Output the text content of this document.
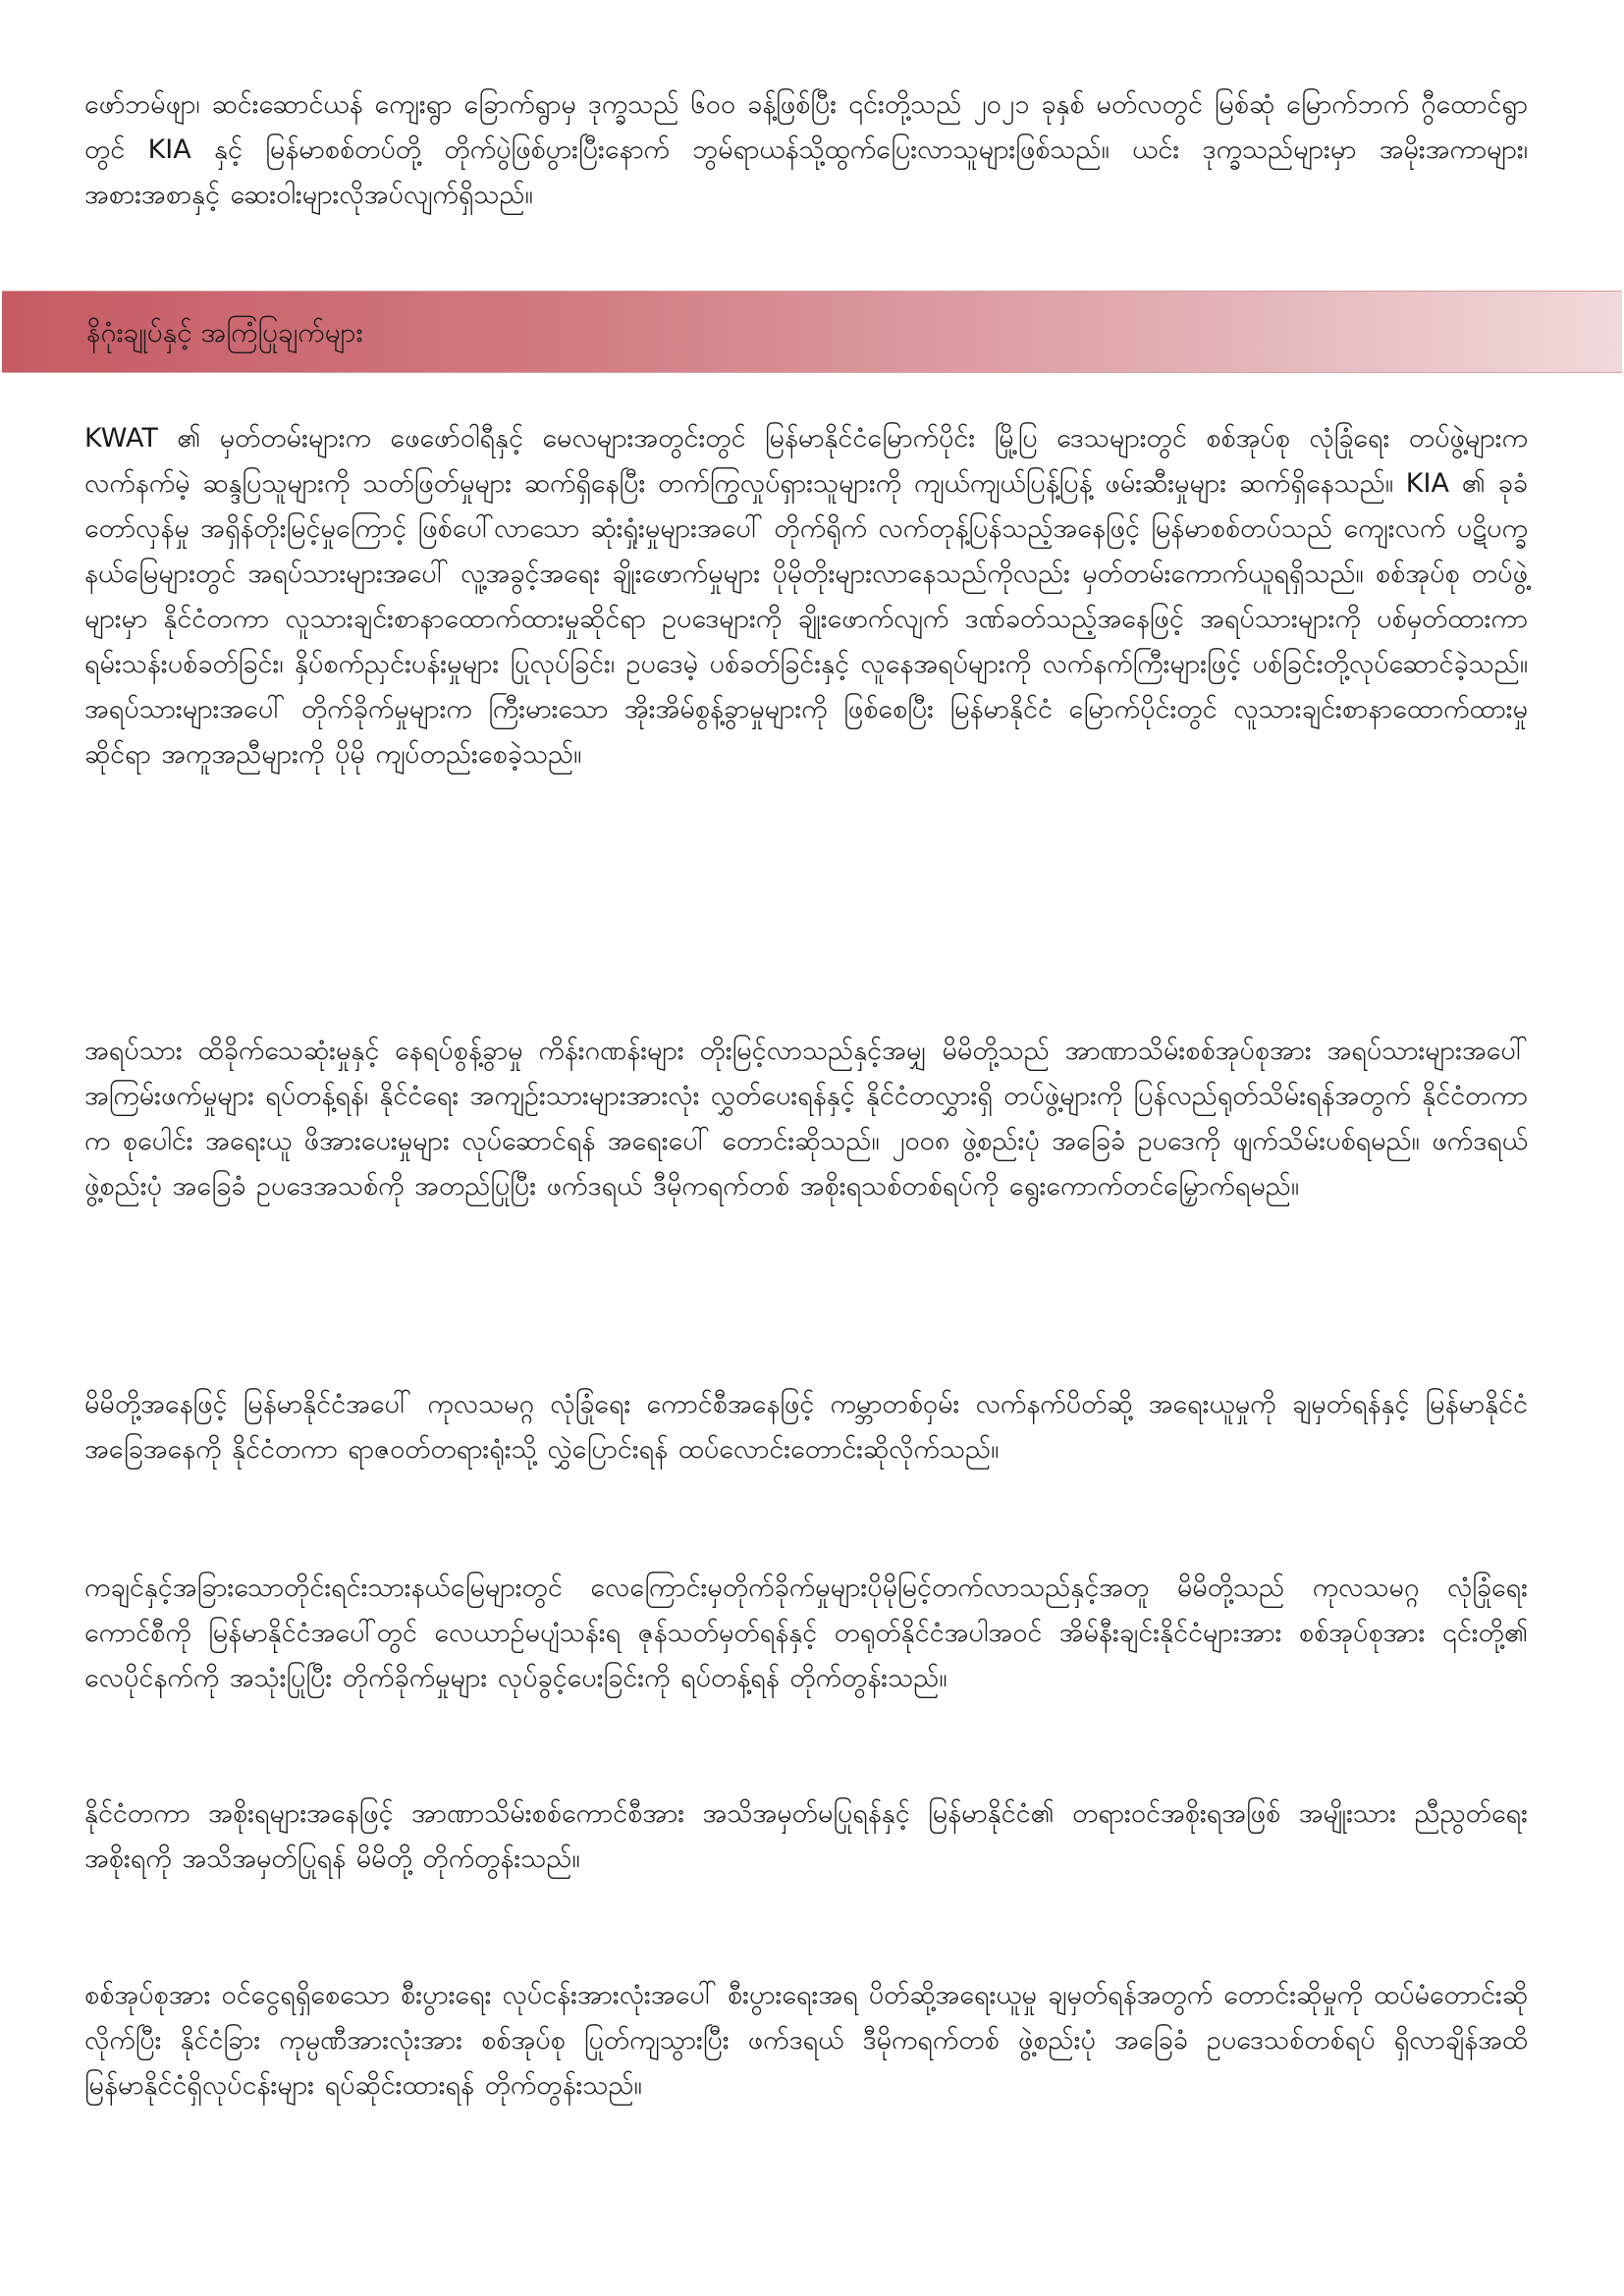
ဖော်ဘမ်ဖျာ၊ ဆင်းဆောင်ယန် ကျေးရွာ ခြောက်ရွာမှ ဒုက္ခသည် ၆၀၀ ခန့်ဖြစ်ပြီး ၎င်းတို့သည် ၂၀၂၁ ခုနှစ် မတ်လတွင် မြစ်ဆုံ မြောက်ဘက် ဂွီထောင်ရွာတွင် KIA နှင့် မြန်မာစစ်တပ်တို့ တိုက်ပွဲဖြစ်ပွားပြီးနောက် ဘွမ်ရာယန်သို့ထွက်ပြေးလာသူများဖြစ်သည်။ ယင်း ဒုက္ခသည်များမှာ အမိုးအကာများ၊ အစားအစာနှင့် ဆေးဝါးများလိုအပ်လျက်ရှိသည်။

နိဂုံးချုပ်နှင့် အကြံပြုချက်များ

KWAT ၏ မှတ်တမ်းများက ဖေဖော်ဝါရီနှင့် မေလများအတွင်းတွင် မြန်မာနိုင်ငံမြောက်ပိုင်း မြို့ပြ ဒေသများတွင် စစ်အုပ်စု လုံခြုံရေး တပ်ဖွဲ့များက လက်နက်မဲ့ ဆန္ဒပြသူများကို သတ်ဖြတ်မှုများ ဆက်ရှိနေပြီး တက်ကြွလှုပ်ရှားသူများကို ကျယ်ကျယ်ပြန့်ပြန့် ဖမ်းဆီးမှုများ ဆက်ရှိနေသည်။ KIA ၏ ခုခံတော်လှန်မှု အရှိန်တိုးမြင့်မှုကြောင့် ဖြစ်ပေါ်လာသော ဆုံးရှုံးမှုများအပေါ် တိုက်ရိုက် လက်တုန့်ပြန်သည့်အနေဖြင့် မြန်မာစစ်တပ်သည် ကျေးလက် ပဋိပက္ခနယ်မြေများတွင် အရပ်သားများအပေါ် လူ့အခွင့်အရေး ချိုးဖောက်မှုများ ပိုမိုတိုးများလာနေသည်ကိုလည်း မှတ်တမ်းကောက်ယူရရှိသည်။ စစ်အုပ်စု တပ်ဖွဲ့များမှာ နိုင်ငံတကာ လူသားချင်းစာနာထောက်ထားမှုဆိုင်ရာ ဥပဒေများကို ချိုးဖောက်လျက် ဒဏ်ခတ်သည့်အနေဖြင့် အရပ်သားများကို ပစ်မှတ်ထားကာ ရမ်းသန်းပစ်ခတ်ခြင်း၊ နှိပ်စက်ညှင်းပန်းမှုများ ပြုလုပ်ခြင်း၊ ဥပဒေမဲ့ ပစ်ခတ်ခြင်းနှင့် လူနေအရပ်များကို လက်နက်ကြီးများဖြင့် ပစ်ခြင်းတို့လုပ်ဆောင်ခဲ့သည်။ အရပ်သားများအပေါ် တိုက်ခိုက်မှုများက ကြီးမားသော အိုးအိမ်စွန့်ခွာမှုများကို ဖြစ်စေပြီး မြန်မာနိုင်ငံ မြောက်ပိုင်းတွင် လူသားချင်းစာနာထောက်ထားမှု ဆိုင်ရာ အကူအညီများကို ပိုမို ကျပ်တည်းစေခဲ့သည်။

အရပ်သား ထိခိုက်သေဆုံးမှုနှင့် နေရပ်စွန့်ခွာမှု ကိန်းဂဏန်းများ တိုးမြင့်လာသည်နှင့်အမျှ မိမိတို့သည် အာဏာသိမ်းစစ်အုပ်စုအား အရပ်သားများအပေါ် အကြမ်းဖက်မှုများ ရပ်တန့်ရန်၊ နိုင်ငံရေး အကျဉ်းသားများအားလုံး လွှတ်ပေးရန်နှင့် နိုင်ငံတလွှားရှိ တပ်ဖွဲ့များကို ပြန်လည်ရုတ်သိမ်းရန်အတွက် နိုင်ငံတကာက စုပေါင်း အရေးယူ ဖိအားပေးမှုများ လုပ်ဆောင်ရန် အရေးပေါ် တောင်းဆိုသည်။ ၂၀၀၈ ဖွဲ့စည်းပုံ အခြေခံ ဥပဒေကို ဖျက်သိမ်းပစ်ရမည်။ ဖက်ဒရယ် ဖွဲ့စည်းပုံ အခြေခံ ဥပဒေအသစ်ကို အတည်ပြုပြီး ဖက်ဒရယ် ဒီမိုကရက်တစ် အစိုးရသစ်တစ်ရပ်ကို ရွေးကောက်တင်မြှောက်ရမည်။

မိမိတို့အနေဖြင့် မြန်မာနိုင်ငံအပေါ် ကုလသမဂ္ဂ လုံခြုံရေး ကောင်စီအနေဖြင့် ကမ္ဘာတစ်ဝှမ်း လက်နက်ပိတ်ဆို့ အရေးယူမှုကို ချမှတ်ရန်နှင့် မြန်မာနိုင်ငံ အခြေအနေကို နိုင်ငံတကာ ရာဇဝတ်တရားရုံးသို့ လွှဲပြောင်းရန် ထပ်လောင်းတောင်းဆိုလိုက်သည်။

ကချင်နှင့်အခြားသောတိုင်းရင်းသားနယ်မြေများတွင် လေကြောင်းမှတိုက်ခိုက်မှုများပိုမိုမြင့်တက်လာသည်နှင့်အတူ မိမိတို့သည် ကုလသမဂ္ဂ လုံခြုံရေး ကောင်စီကို မြန်မာနိုင်ငံအပေါ်တွင် လေယာဉ်မပျံသန်းရ ဇုန်သတ်မှတ်ရန်နှင့် တရုတ်နိုင်ငံအပါအဝင် အိမ်နီးချင်းနိုင်ငံများအား စစ်အုပ်စုအား ၎င်းတို့၏ လေပိုင်နက်ကို အသုံးပြုပြီး တိုက်ခိုက်မှုများ လုပ်ခွင့်ပေးခြင်းကို ရပ်တန့်ရန် တိုက်တွန်းသည်။

နိုင်ငံတကာ အစိုးရများအနေဖြင့် အာဏာသိမ်းစစ်ကောင်စီအား အသိအမှတ်မပြုရန်နှင့် မြန်မာနိုင်ငံ၏ တရားဝင်အစိုးရအဖြစ် အမျိုးသား ညီညွတ်ရေး အစိုးရကို အသိအမှတ်ပြုရန် မိမိတို့ တိုက်တွန်းသည်။

စစ်အုပ်စုအား ဝင်ငွေရရှိစေသော စီးပွားရေး လုပ်ငန်းအားလုံးအပေါ် စီးပွားရေးအရ ပိတ်ဆို့အရေးယူမှု ချမှတ်ရန်အတွက် တောင်းဆိုမှုကို ထပ်မံတောင်းဆိုလိုက်ပြီး နိုင်ငံခြား ကုမ္ပဏီအားလုံးအား စစ်အုပ်စု ပြုတ်ကျသွားပြီး ဖက်ဒရယ် ဒီမိုကရက်တစ် ဖွဲ့စည်းပုံ အခြေခံ ဥပဒေသစ်တစ်ရပ် ရှိလာချိန်အထိ မြန်မာနိုင်ငံရှိလုပ်ငန်းများ ရပ်ဆိုင်းထားရန် တိုက်တွန်းသည်။
